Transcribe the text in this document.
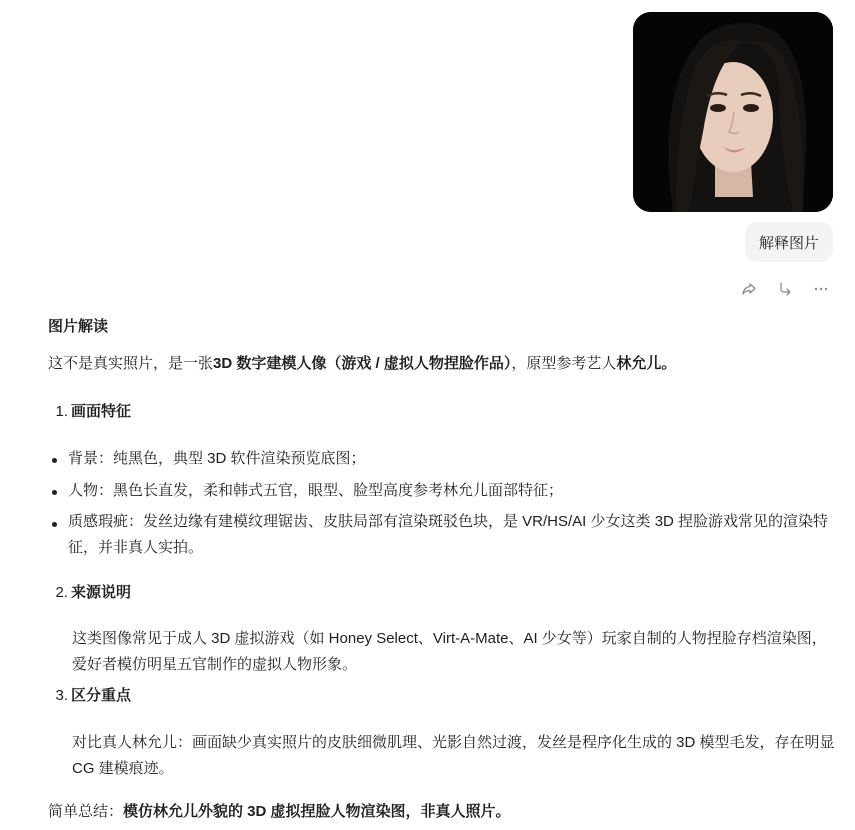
解释图片
图片解读
这不是真实照片，是一张3D 数字建模人像（游戏 / 虚拟人物捏脸作品），原型参考艺人林允儿。
1. 画面特征
背景：纯黑色，典型 3D 软件渲染预览底图；
人物：黑色长直发，柔和韩式五官，眼型、脸型高度参考林允儿面部特征；
质感瑕疵：发丝边缘有建模纹理锯齿、皮肤局部有渲染斑驳色块，是 VR/HS/AI 少女这类 3D 捏脸游戏常见的渲染特征，并非真人实拍。
2. 来源说明
这类图像常见于成人 3D 虚拟游戏（如 Honey Select、Virt-A-Mate、AI 少女等）玩家自制的人物捏脸存档渲染图，爱好者模仿明星五官制作的虚拟人物形象。
3. 区分重点
对比真人林允儿：画面缺少真实照片的皮肤细微肌理、光影自然过渡，发丝是程序化生成的 3D 模型毛发，存在明显 CG 建模痕迹。
简单总结：模仿林允儿外貌的 3D 虚拟捏脸人物渲染图，非真人照片。
